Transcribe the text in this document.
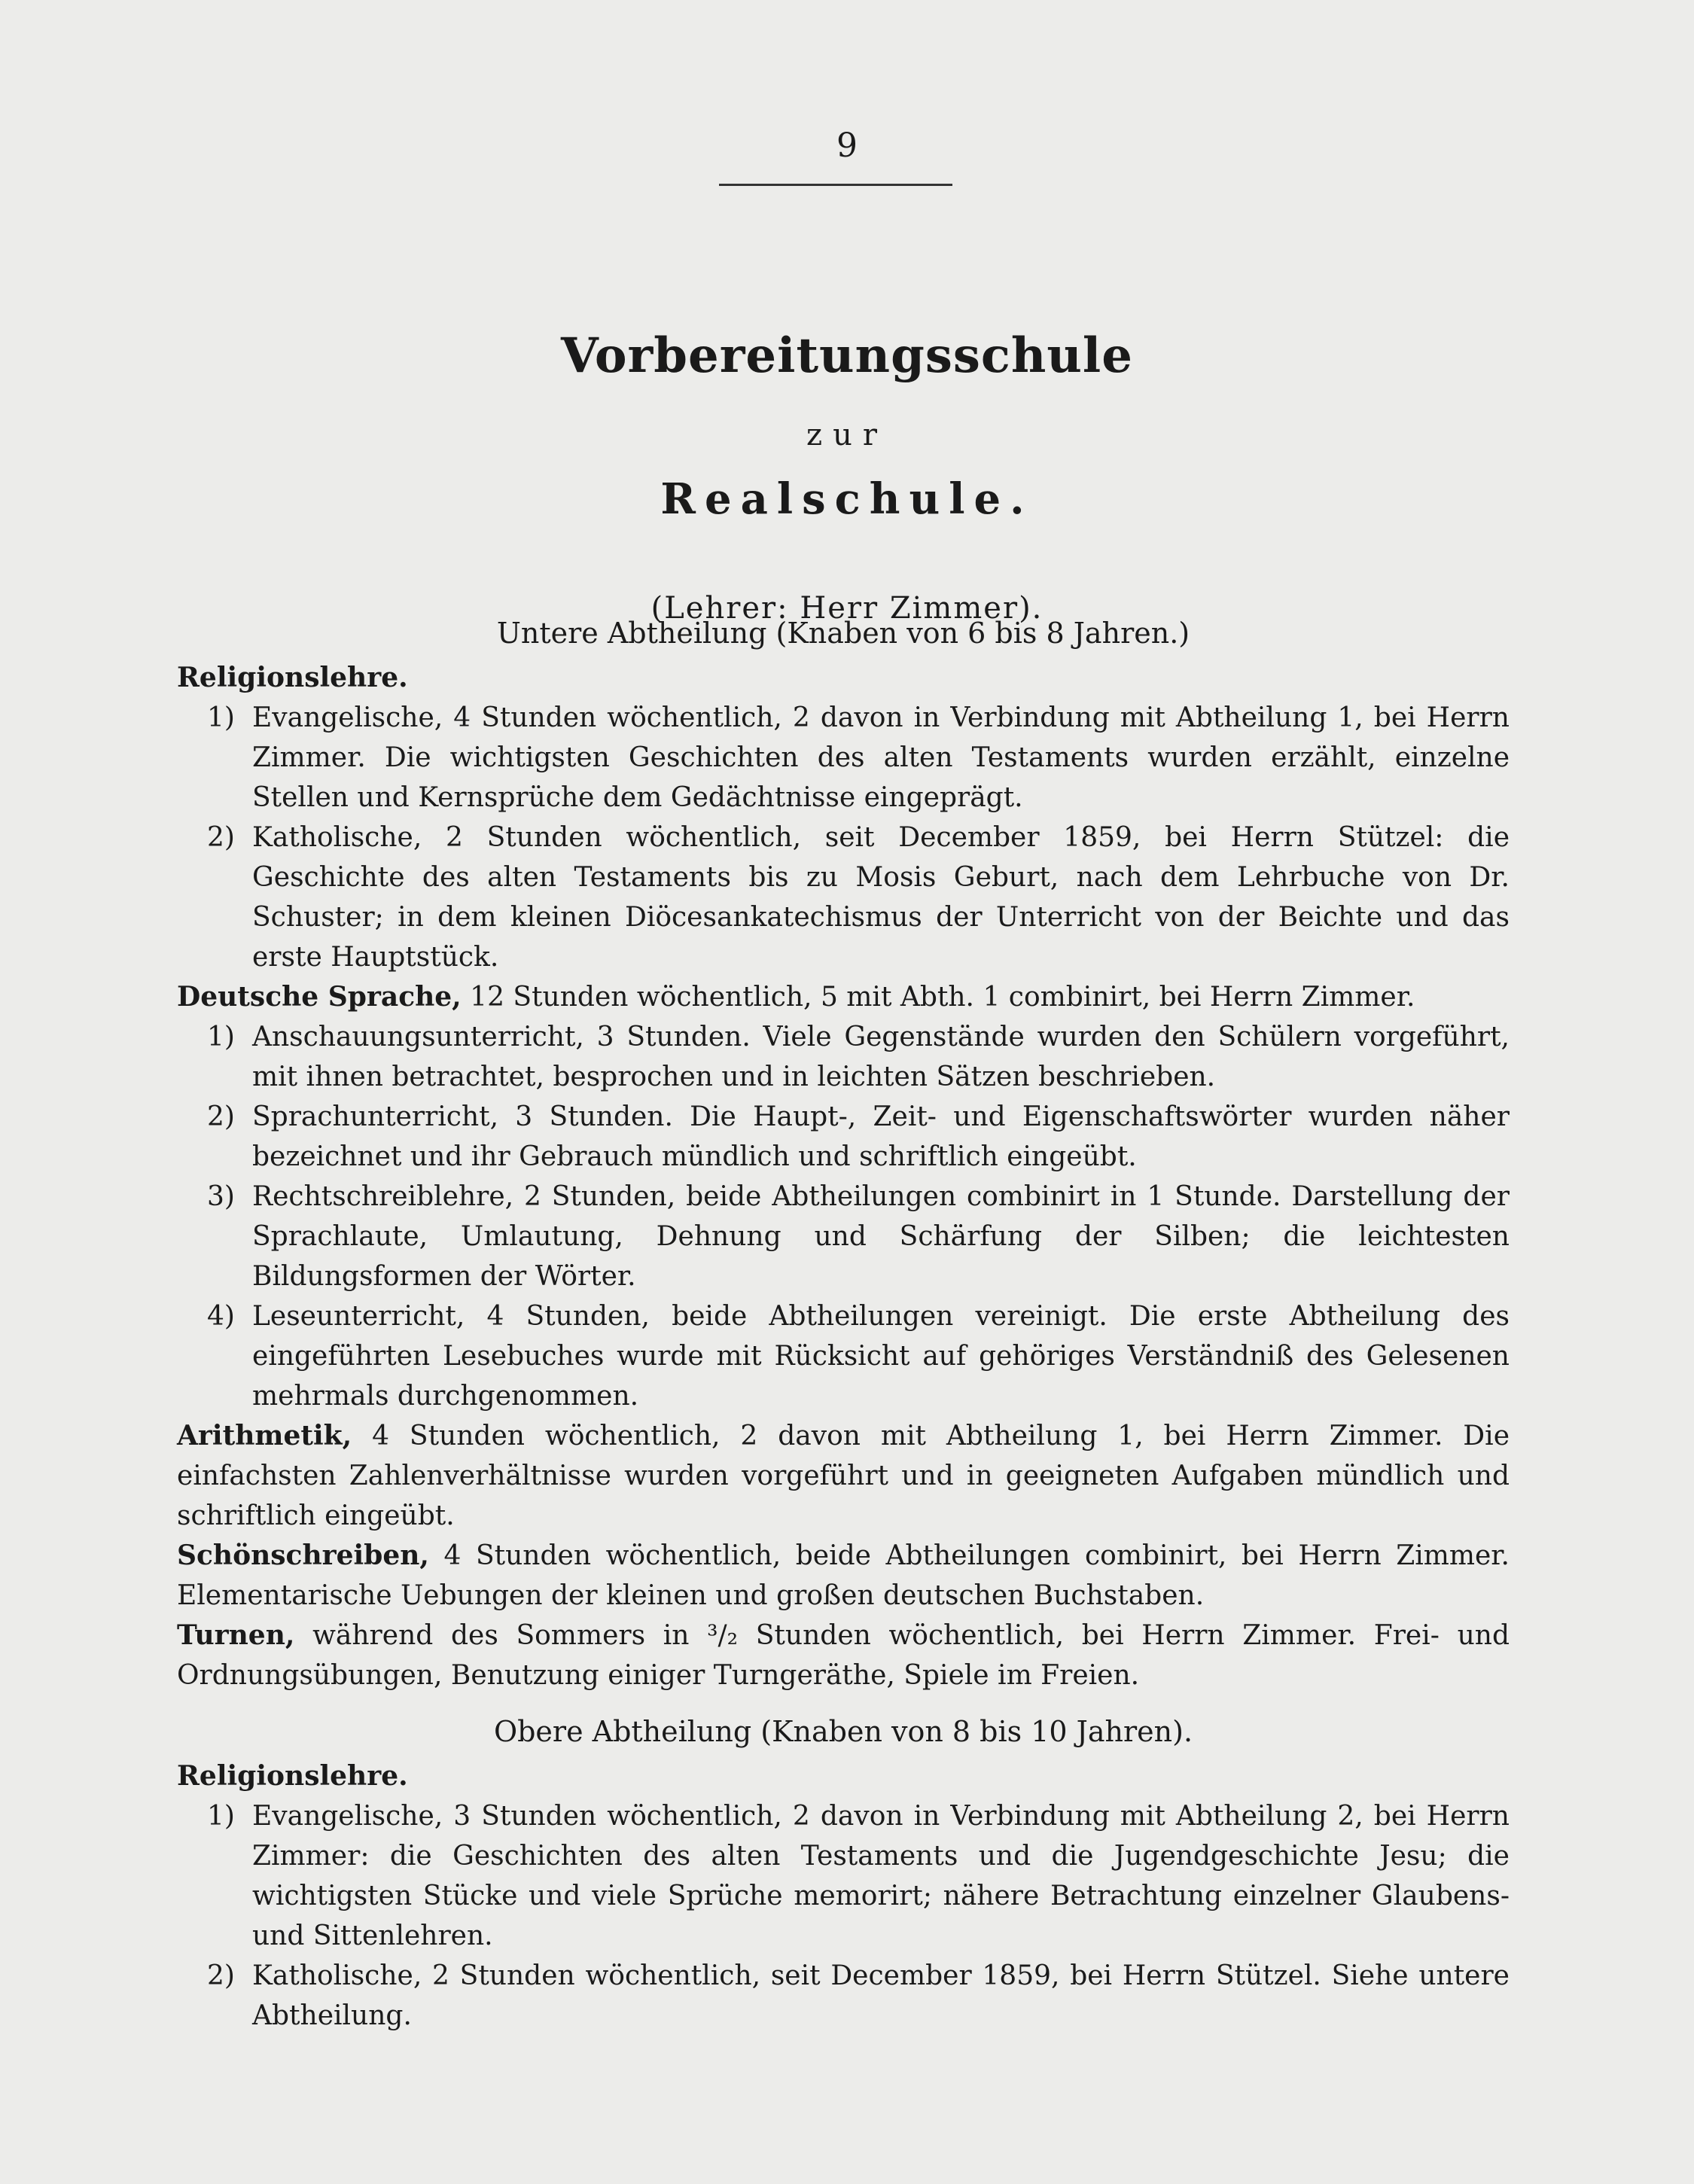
9
Vorbereitungsschule
zur
Realschule.
(Lehrer: Herr Zimmer).

Untere Abtheilung (Knaben von 6 bis 8 Jahren.)

Religionslehre.

1) Evangelische, 4 Stunden wöchentlich, 2 davon in Verbindung mit Abtheilung 1, bei Herrn Zimmer. Die wichtigsten Geschichten des alten Testaments wurden erzählt, einzelne Stellen und Kernsprüche dem Gedächtnisse eingeprägt.

2) Katholische, 2 Stunden wöchentlich, seit December 1859, bei Herrn Stützel: die Geschichte des alten Testaments bis zu Mosis Geburt, nach dem Lehrbuche von Dr. Schuster; in dem kleinen Diöcesankatechismus der Unterricht von der Beichte und das erste Hauptstück.

Deutsche Sprache, 12 Stunden wöchentlich, 5 mit Abth. 1 combinirt, bei Herrn Zimmer.

1) Anschauungsunterricht, 3 Stunden. Viele Gegenstände wurden den Schülern vorgeführt, mit ihnen betrachtet, besprochen und in leichten Sätzen beschrieben.

2) Sprachunterricht, 3 Stunden. Die Haupt-, Zeit- und Eigenschaftswörter wurden näher bezeichnet und ihr Gebrauch mündlich und schriftlich eingeübt.

3) Rechtschreiblehre, 2 Stunden, beide Abtheilungen combinirt in 1 Stunde. Darstellung der Sprachlaute, Umlautung, Dehnung und Schärfung der Silben; die leichtesten Bildungsformen der Wörter.

4) Leseunterricht, 4 Stunden, beide Abtheilungen vereinigt. Die erste Abtheilung des eingeführten Lesebuches wurde mit Rücksicht auf gehöriges Verständniß des Gelesenen mehrmals durchgenommen.

Arithmetik, 4 Stunden wöchentlich, 2 davon mit Abtheilung 1, bei Herrn Zimmer. Die einfachsten Zahlenverhältnisse wurden vorgeführt und in geeigneten Aufgaben mündlich und schriftlich eingeübt.

Schönschreiben, 4 Stunden wöchentlich, beide Abtheilungen combinirt, bei Herrn Zimmer. Elementarische Uebungen der kleinen und großen deutschen Buchstaben.

Turnen, während des Sommers in ³/₂ Stunden wöchentlich, bei Herrn Zimmer. Frei- und Ordnungsübungen, Benutzung einiger Turngeräthe, Spiele im Freien.

Obere Abtheilung (Knaben von 8 bis 10 Jahren).

Religionslehre.

1) Evangelische, 3 Stunden wöchentlich, 2 davon in Verbindung mit Abtheilung 2, bei Herrn Zimmer: die Geschichten des alten Testaments und die Jugendgeschichte Jesu; die wichtigsten Stücke und viele Sprüche memorirt; nähere Betrachtung einzelner Glaubens- und Sittenlehren.

2) Katholische, 2 Stunden wöchentlich, seit December 1859, bei Herrn Stützel. Siehe untere Abtheilung.
